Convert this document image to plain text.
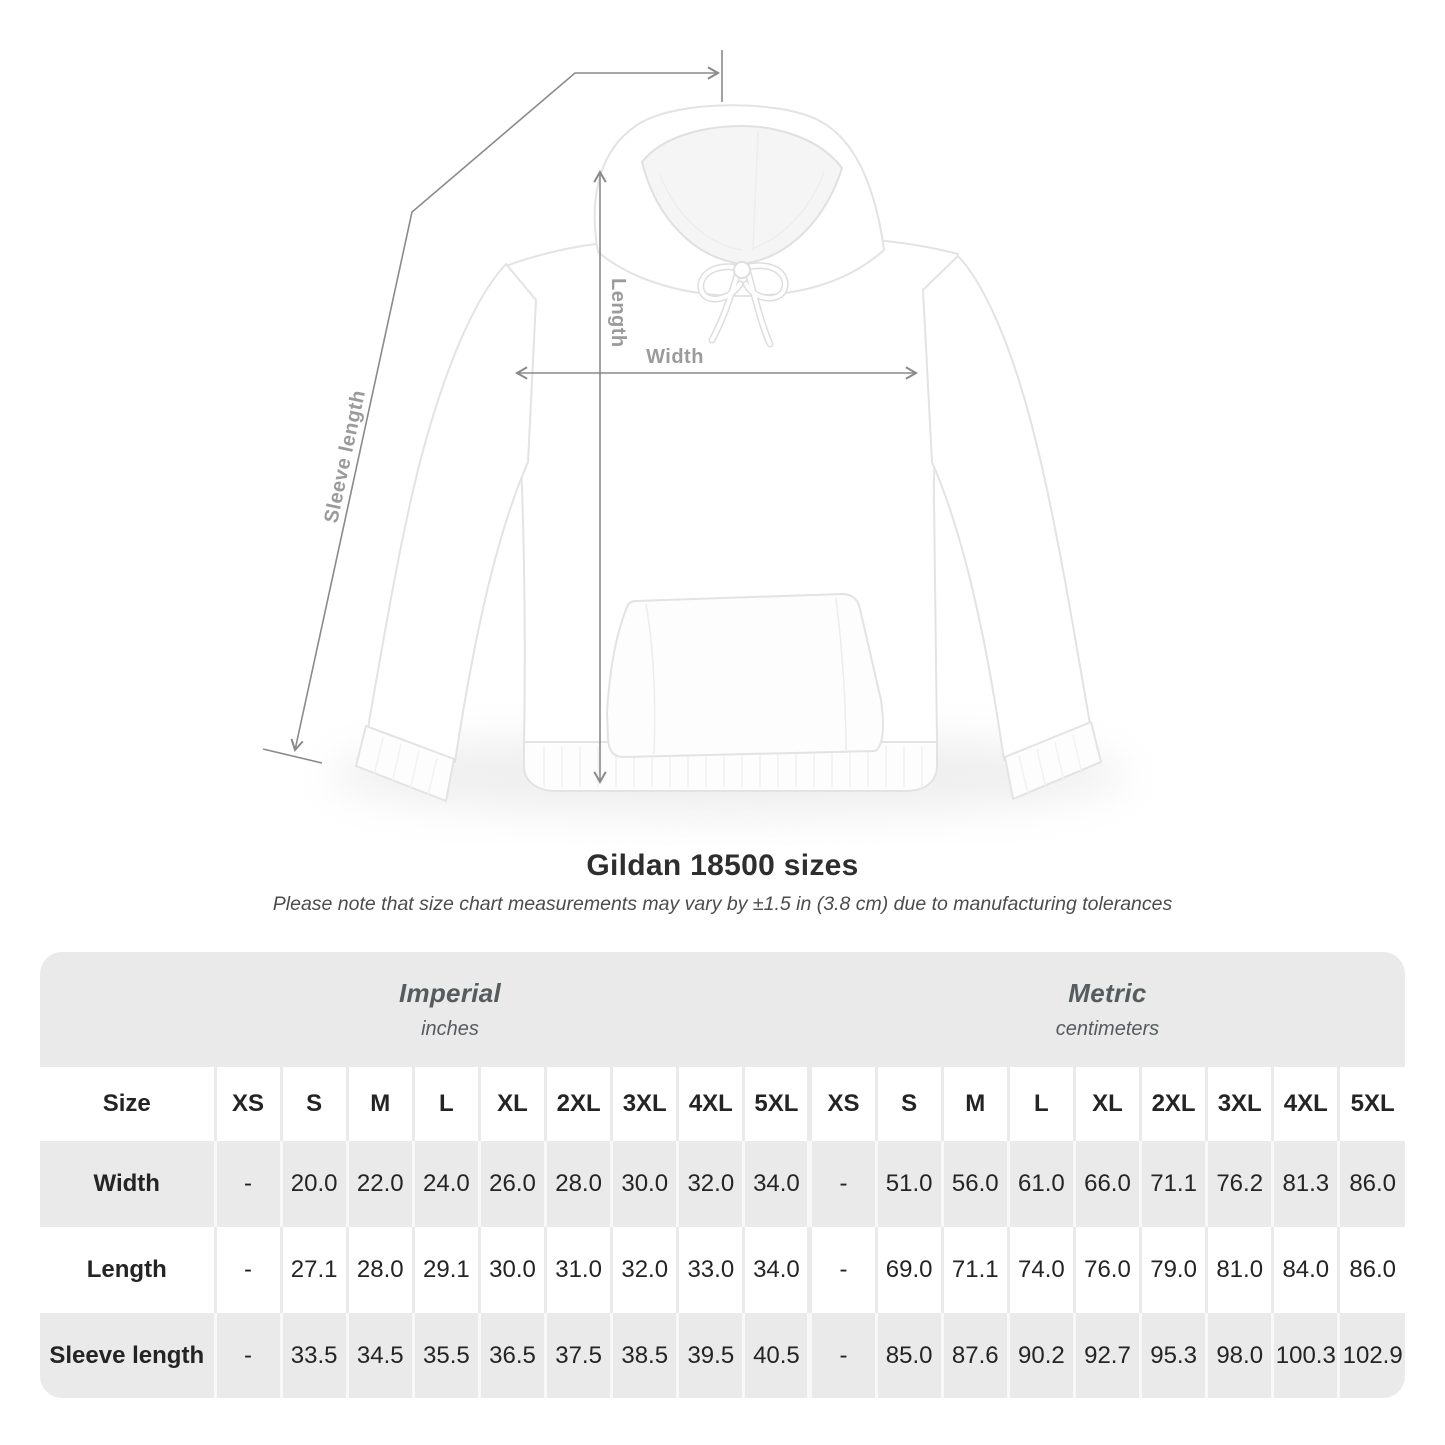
Length
Width
Sleeve length
Gildan 18500 sizes
Please note that size chart measurements may vary by ±1.5 in (3.8 cm) due to manufacturing tolerances
Imperial
inches

Metric
centimeters

Size	XS	S	M	L	XL	2XL	3XL	4XL	5XL	XS	S	M	L	XL	2XL	3XL	4XL	5XL
Width	-	20.0	22.0	24.0	26.0	28.0	30.0	32.0	34.0	-	51.0	56.0	61.0	66.0	71.1	76.2	81.3	86.0
Length	-	27.1	28.0	29.1	30.0	31.0	32.0	33.0	34.0	-	69.0	71.1	74.0	76.0	79.0	81.0	84.0	86.0
Sleeve length	-	33.5	34.5	35.5	36.5	37.5	38.5	39.5	40.5	-	85.0	87.6	90.2	92.7	95.3	98.0	100.3	102.9
